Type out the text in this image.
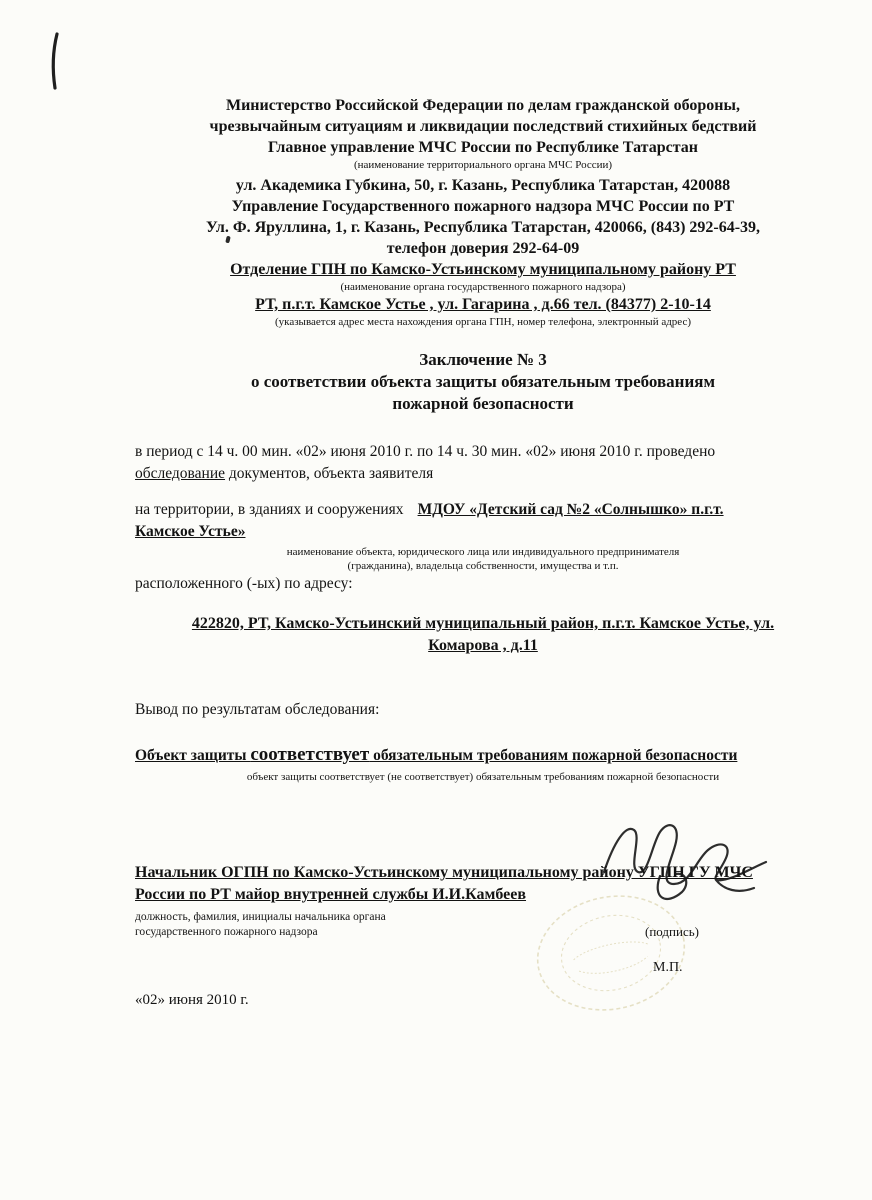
Министерство Российской Федерации по делам гражданской обороны,

чрезвычайным ситуациям и ликвидации последствий стихийных бедствий

Главное управление МЧС России по Республике Татарстан

(наименование территориального органа МЧС России)

ул. Академика Губкина, 50, г. Казань, Республика Татарстан, 420088

Управление Государственного пожарного надзора МЧС России по РТ

Ул. Ф. Яруллина, 1, г. Казань, Республика Татарстан, 420066, (843) 292-64-39,

телефон доверия 292-64-09

Отделение ГПН по Камско-Устьинскому муниципальному району РТ

(наименование органа государственного пожарного надзора)

РТ, п.г.т. Камское Устье , ул. Гагарина , д.66 тел. (84377) 2-10-14

(указывается адрес места нахождения органа ГПН, номер телефона, электронный адрес)

Заключение № 3

о соответствии объекта защиты обязательным требованиям

пожарной безопасности

в период с 14 ч. 00 мин. «02» июня 2010 г. по 14 ч. 30 мин. «02» июня 2010 г. проведено
обследование документов, объекта заявителя
на территории, в зданиях и сооружениях МДОУ «Детский сад №2 «Солнышко» п.г.т.
Камское Устье»

наименование объекта, юридического лица или индивидуального предпринимателя

(гражданина), владельца собственности, имущества и т.п.

расположенного (-ых) по адресу:

422820, РТ, Камско-Устьинский муниципальный район, п.г.т. Камское Устье, ул.
Комарова , д.11

Вывод по результатам обследования:

Объект защиты соответствует обязательным требованиям пожарной безопасности

объект защиты соответствует (не соответствует) обязательным требованиям пожарной безопасности

Начальник ОГПН по Камско-Устьинскому муниципальному району УГПН ГУ МЧС

России по РТ майор внутренней службы И.И.Камбеев

должность, фамилия, инициалы начальника органа

государственного пожарного надзора	(подпись)

М.П.

«02» июня 2010 г.
